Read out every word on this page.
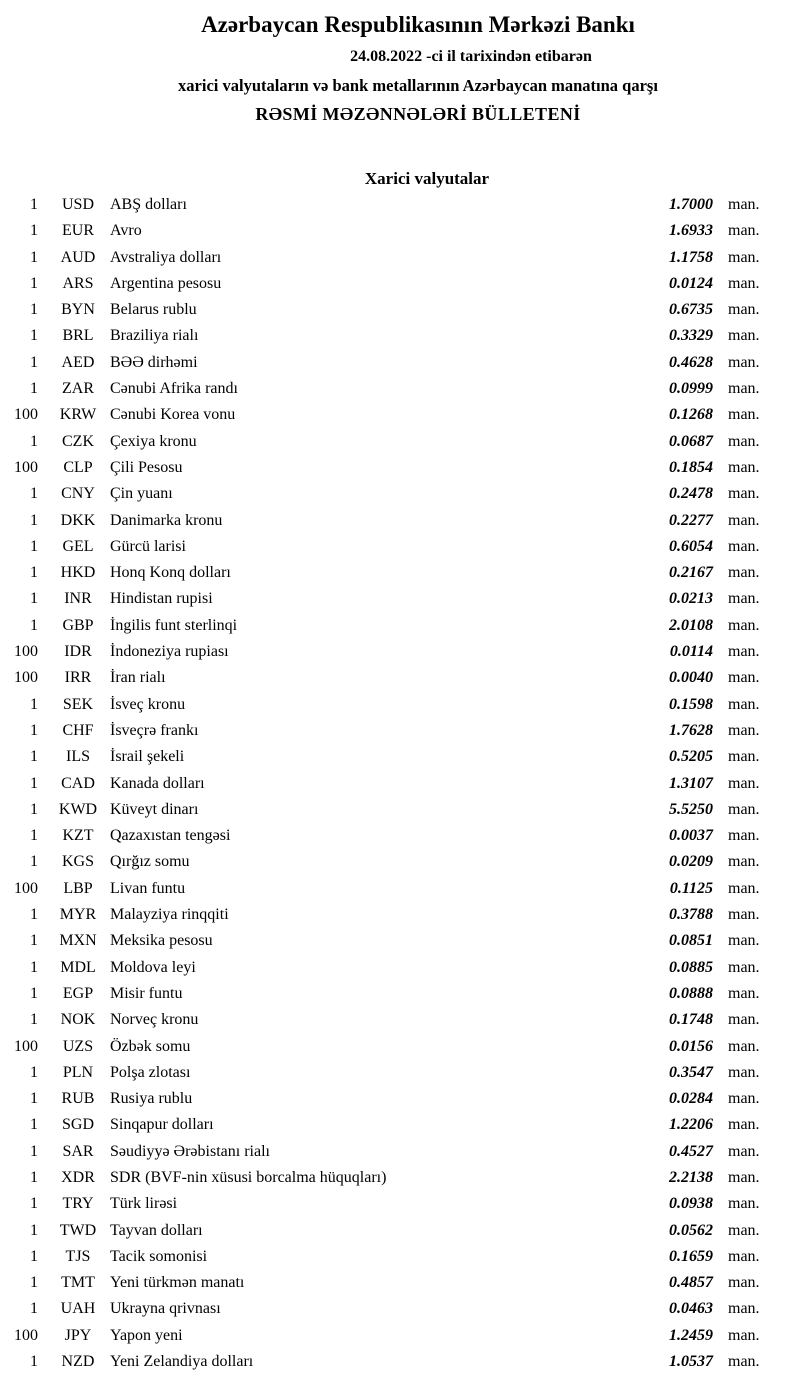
Azərbaycan Respublikasının Mərkəzi Bankı
24.08.2022 -ci il tarixindən etibarən
xarici valyutaların və bank metallarının Azərbaycan manatına qarşı
RƏSMİ MƏZƏNNƏLƏRİ BÜLLETENİ
Xarici valyutalar
1	USD	ABŞ dolları	1.7000 man.
1	EUR	Avro	1.6933 man.
1	AUD Avstraliya dolları	1.1758 man.
1	ARS	Argentina pesosu	0.0124 man.
1	BYN Belarus rublu	0.6735 man.
1	BRL	Braziliya rialı	0.3329 man.
1	AED BƏƏ dirhəmi	0.4628 man.
1	ZAR	Cənubi Afrika randı	0.0999 man.
100	KRW Cənubi Korea vonu	0.1268 man.
1	CZK	Çexiya kronu	0.0687 man.
100	CLP	Çili Pesosu	0.1854 man.
1	CNY Çin yuanı	0.2478 man.
1	DKK Danimarka kronu	0.2277 man.
1	GEL	Gürcü larisi	0.6054 man.
1	HKD Honq Konq dolları	0.2167 man.
1	INR	Hindistan rupisi	0.0213 man.
1	GBP	İngilis funt sterlinqi	2.0108 man.
100	IDR	İndoneziya rupiası	0.0114 man.
100	IRR	İran rialı	0.0040 man.
1	SEK	İsveç kronu	0.1598 man.
1	CHF	İsveçrə frankı	1.7628 man.
1	ILS	İsrail şekeli	0.5205 man.
1	CAD Kanada dolları	1.3107 man.
1	KWD Küveyt dinarı	5.5250 man.
1	KZT	Qazaxıstan tengəsi	0.0037 man.
1	KGS	Qırğız somu	0.0209 man.
100	LBP	Livan funtu	0.1125 man.
1	MYR Malayziya rinqqiti	0.3788 man.
1	MXN Meksika pesosu	0.0851 man.
1	MDL Moldova leyi	0.0885 man.
1	EGP	Misir funtu	0.0888 man.
1	NOK Norveç kronu	0.1748 man.
100	UZS	Özbək somu	0.0156 man.
1	PLN	Polşa zlotası	0.3547 man.
1	RUB Rusiya rublu	0.0284 man.
1	SGD	Sinqapur dolları	1.2206 man.
1	SAR	Səudiyyə Ərəbistanı rialı	0.4527 man.
1	XDR SDR (BVF-nin xüsusi borcalma hüquqları)	2.2138 man.
1	TRY	Türk lirəsi	0.0938 man.
1	TWD Tayvan dolları	0.0562 man.
1	TJS	Tacik somonisi	0.1659 man.
1	TMT Yeni türkmən manatı	0.4857 man.
1	UAH Ukrayna qrivnası	0.0463 man.
100	JPY	Yapon yeni	1.2459 man.
1	NZD Yeni Zelandiya dolları	1.0537 man.
